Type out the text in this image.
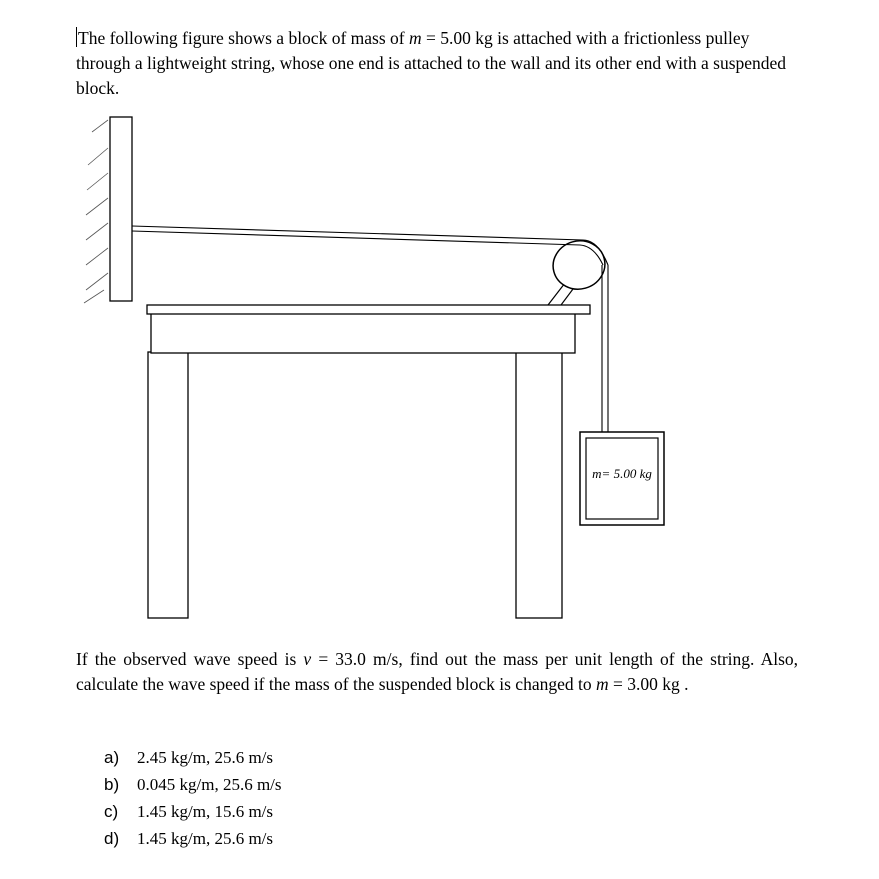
The following figure shows a block of mass of m = 5.00 kg is attached with a frictionless pulley through a lightweight string, whose one end is attached to the wall and its other end with a suspended block.
m= 5.00 kg
If the observed wave speed is v = 33.0 m/s, find out the mass per unit length of the string. Also, calculate the wave speed if the mass of the suspended block is changed to m = 3.00 kg .
a) 2.45 kg/m, 25.6 m/s
b) 0.045 kg/m, 25.6 m/s
c) 1.45 kg/m, 15.6 m/s
d) 1.45 kg/m, 25.6 m/s
